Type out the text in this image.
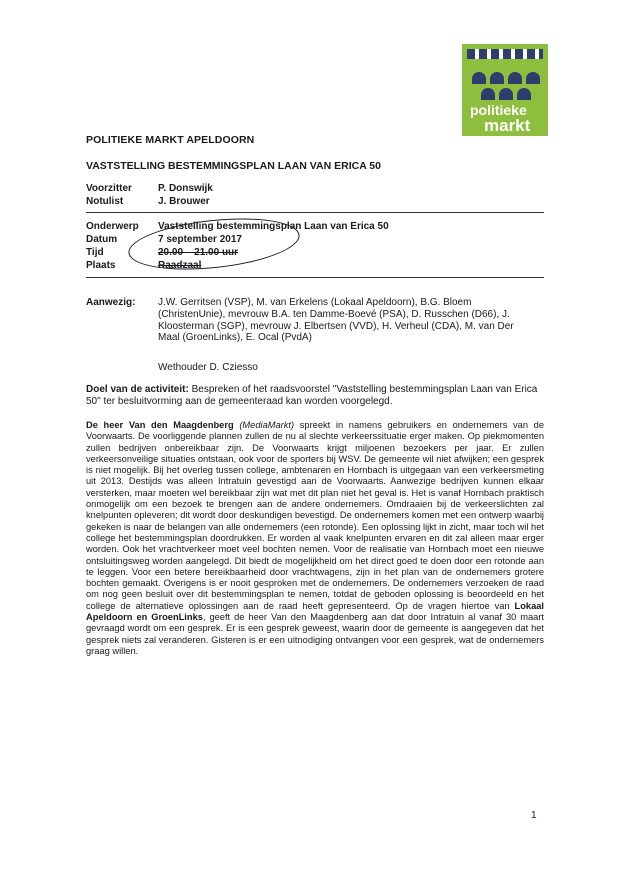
politieke
markt
POLITIEKE MARKT APELDOORN
VASTSTELLING BESTEMMINGSPLAN LAAN VAN ERICA 50
Voorzitter	P. Donswijk
Notulist	J. Brouwer
Onderwerp Vaststelling bestemmingsplan Laan van Erica 50
Datum	7 september 2017
Tijd	20.00 – 21.00 uur
Plaats	Raadzaal
Aanwezig: J.W. Gerritsen (VSP), M. van Erkelens (Lokaal Apeldoorn), B.G. Bloem (ChristenUnie), mevrouw B.A. ten Damme-Boevé (PSA), D. Russchen (D66), J. Kloosterman (SGP), mevrouw J. Elbertsen (VVD), H. Verheul (CDA), M. van Der Maal (GroenLinks), E. Ocal (PvdA)
Wethouder D. Cziesso
Doel van de activiteit: Bespreken of het raadsvoorstel "Vaststelling bestemmingsplan Laan van Erica 50" ter besluitvorming aan de gemeenteraad kan worden voorgelegd.
De heer Van den Maagdenberg (MediaMarkt) spreekt in namens gebruikers en ondernemers van de Voorwaarts. De voorliggende plannen zullen de nu al slechte verkeerssituatie erger maken. Op piekmomenten zullen bedrijven onbereikbaar zijn. De Voorwaarts krijgt miljoenen bezoekers per jaar. Er zullen verkeersonveilige situaties ontstaan, ook voor de sporters bij WSV. De gemeente wil niet afwijken; een gesprek is niet mogelijk. Bij het overleg tussen college, ambtenaren en Hornbach is uitgegaan van een verkeersmeting uit 2013. Destijds was alleen Intratuin gevestigd aan de Voorwaarts. Aanwezige bedrijven kunnen elkaar versterken, maar moeten wel bereikbaar zijn wat met dit plan niet het geval is. Het is vanaf Hornbach praktisch onmogelijk om een bezoek te brengen aan de andere ondernemers. Omdraaien bij de verkeerslichten zal knelpunten opleveren; dit wordt door deskundigen bevestigd. De ondernemers komen met een ontwerp waarbij gekeken is naar de belangen van alle ondernemers (een rotonde). Een oplossing lijkt in zicht, maar toch wil het college het bestemmingsplan doordrukken. Er worden al vaak knelpunten ervaren en dit zal alleen maar erger worden. Ook het vrachtverkeer moet veel bochten nemen. Voor de realisatie van Hornbach moet een nieuwe ontsluitingsweg worden aangelegd. Dit biedt de mogelijkheid om het direct goed te doen door een rotonde aan te leggen. Voor een betere bereikbaarheid door vrachtwagens, zijn in het plan van de ondernemers grotere bochten gemaakt. Overigens is er nooit gesproken met de ondernemers. De ondernemers verzoeken de raad om nog geen besluit over dit bestemmingsplan te nemen, totdat de geboden oplossing is beoordeeld en het college de alternatieve oplossingen aan de raad heeft gepresenteerd. Op de vragen hiertoe van Lokaal Apeldoorn en GroenLinks, geeft de heer Van den Maagdenberg aan dat door Intratuin al vanaf 30 maart gevraagd wordt om een gesprek. Er is een gesprek geweest, waarin door de gemeente is aangegeven dat het gesprek niets zal veranderen. Gisteren is er een uitnodiging ontvangen voor een gesprek, wat de ondernemers graag willen.
1
